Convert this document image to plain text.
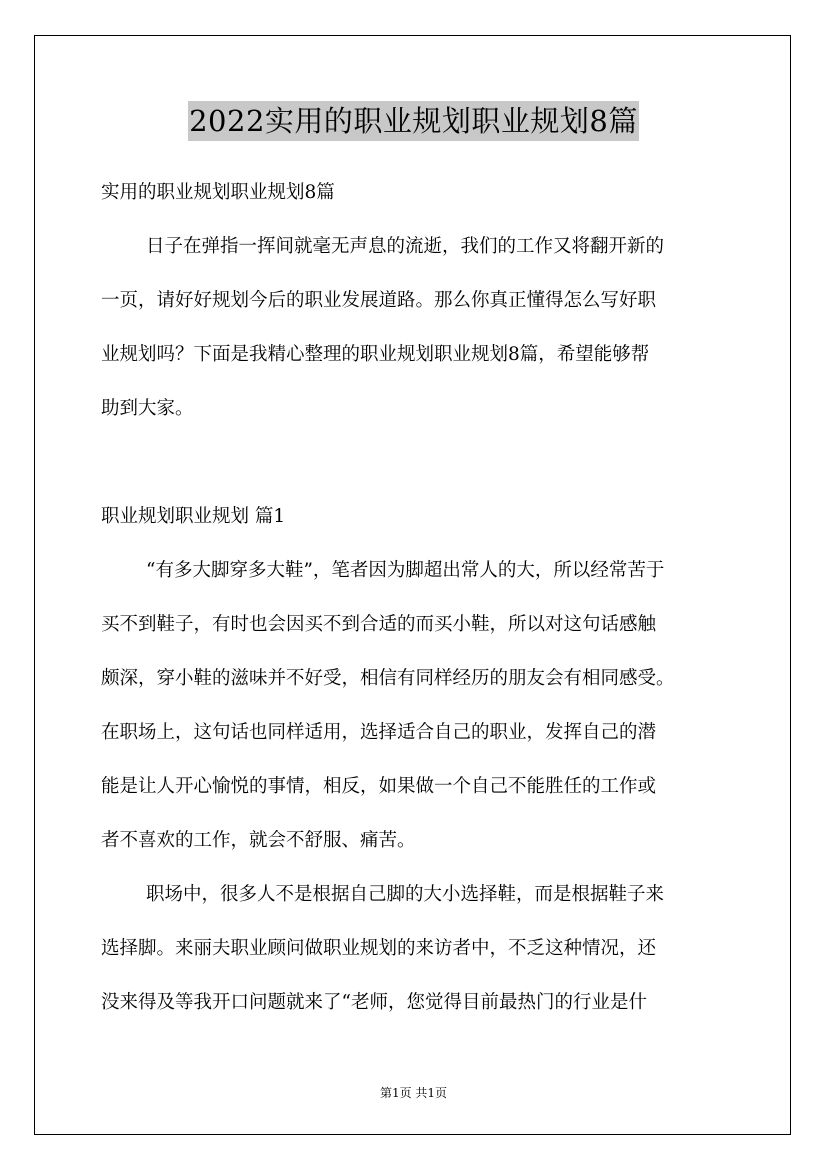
2022实用的职业规划职业规划8篇
实用的职业规划职业规划8篇
日子在弹指一挥间就毫无声息的流逝，我们的工作又将翻开新的
一页，请好好规划今后的职业发展道路。那么你真正懂得怎么写好职
业规划吗？下面是我精心整理的职业规划职业规划8篇，希望能够帮
助到大家。
职业规划职业规划 篇1
“有多大脚穿多大鞋”，笔者因为脚超出常人的大，所以经常苦于
买不到鞋子，有时也会因买不到合适的而买小鞋，所以对这句话感触
颇深，穿小鞋的滋味并不好受，相信有同样经历的朋友会有相同感受。
在职场上，这句话也同样适用，选择适合自己的职业，发挥自己的潜
能是让人开心愉悦的事情，相反，如果做一个自己不能胜任的工作或
者不喜欢的工作，就会不舒服、痛苦。
职场中，很多人不是根据自己脚的大小选择鞋，而是根据鞋子来
选择脚。来丽夫职业顾问做职业规划的来访者中，不乏这种情况，还
没来得及等我开口问题就来了“老师，您觉得目前最热门的行业是什
第1页 共1页
